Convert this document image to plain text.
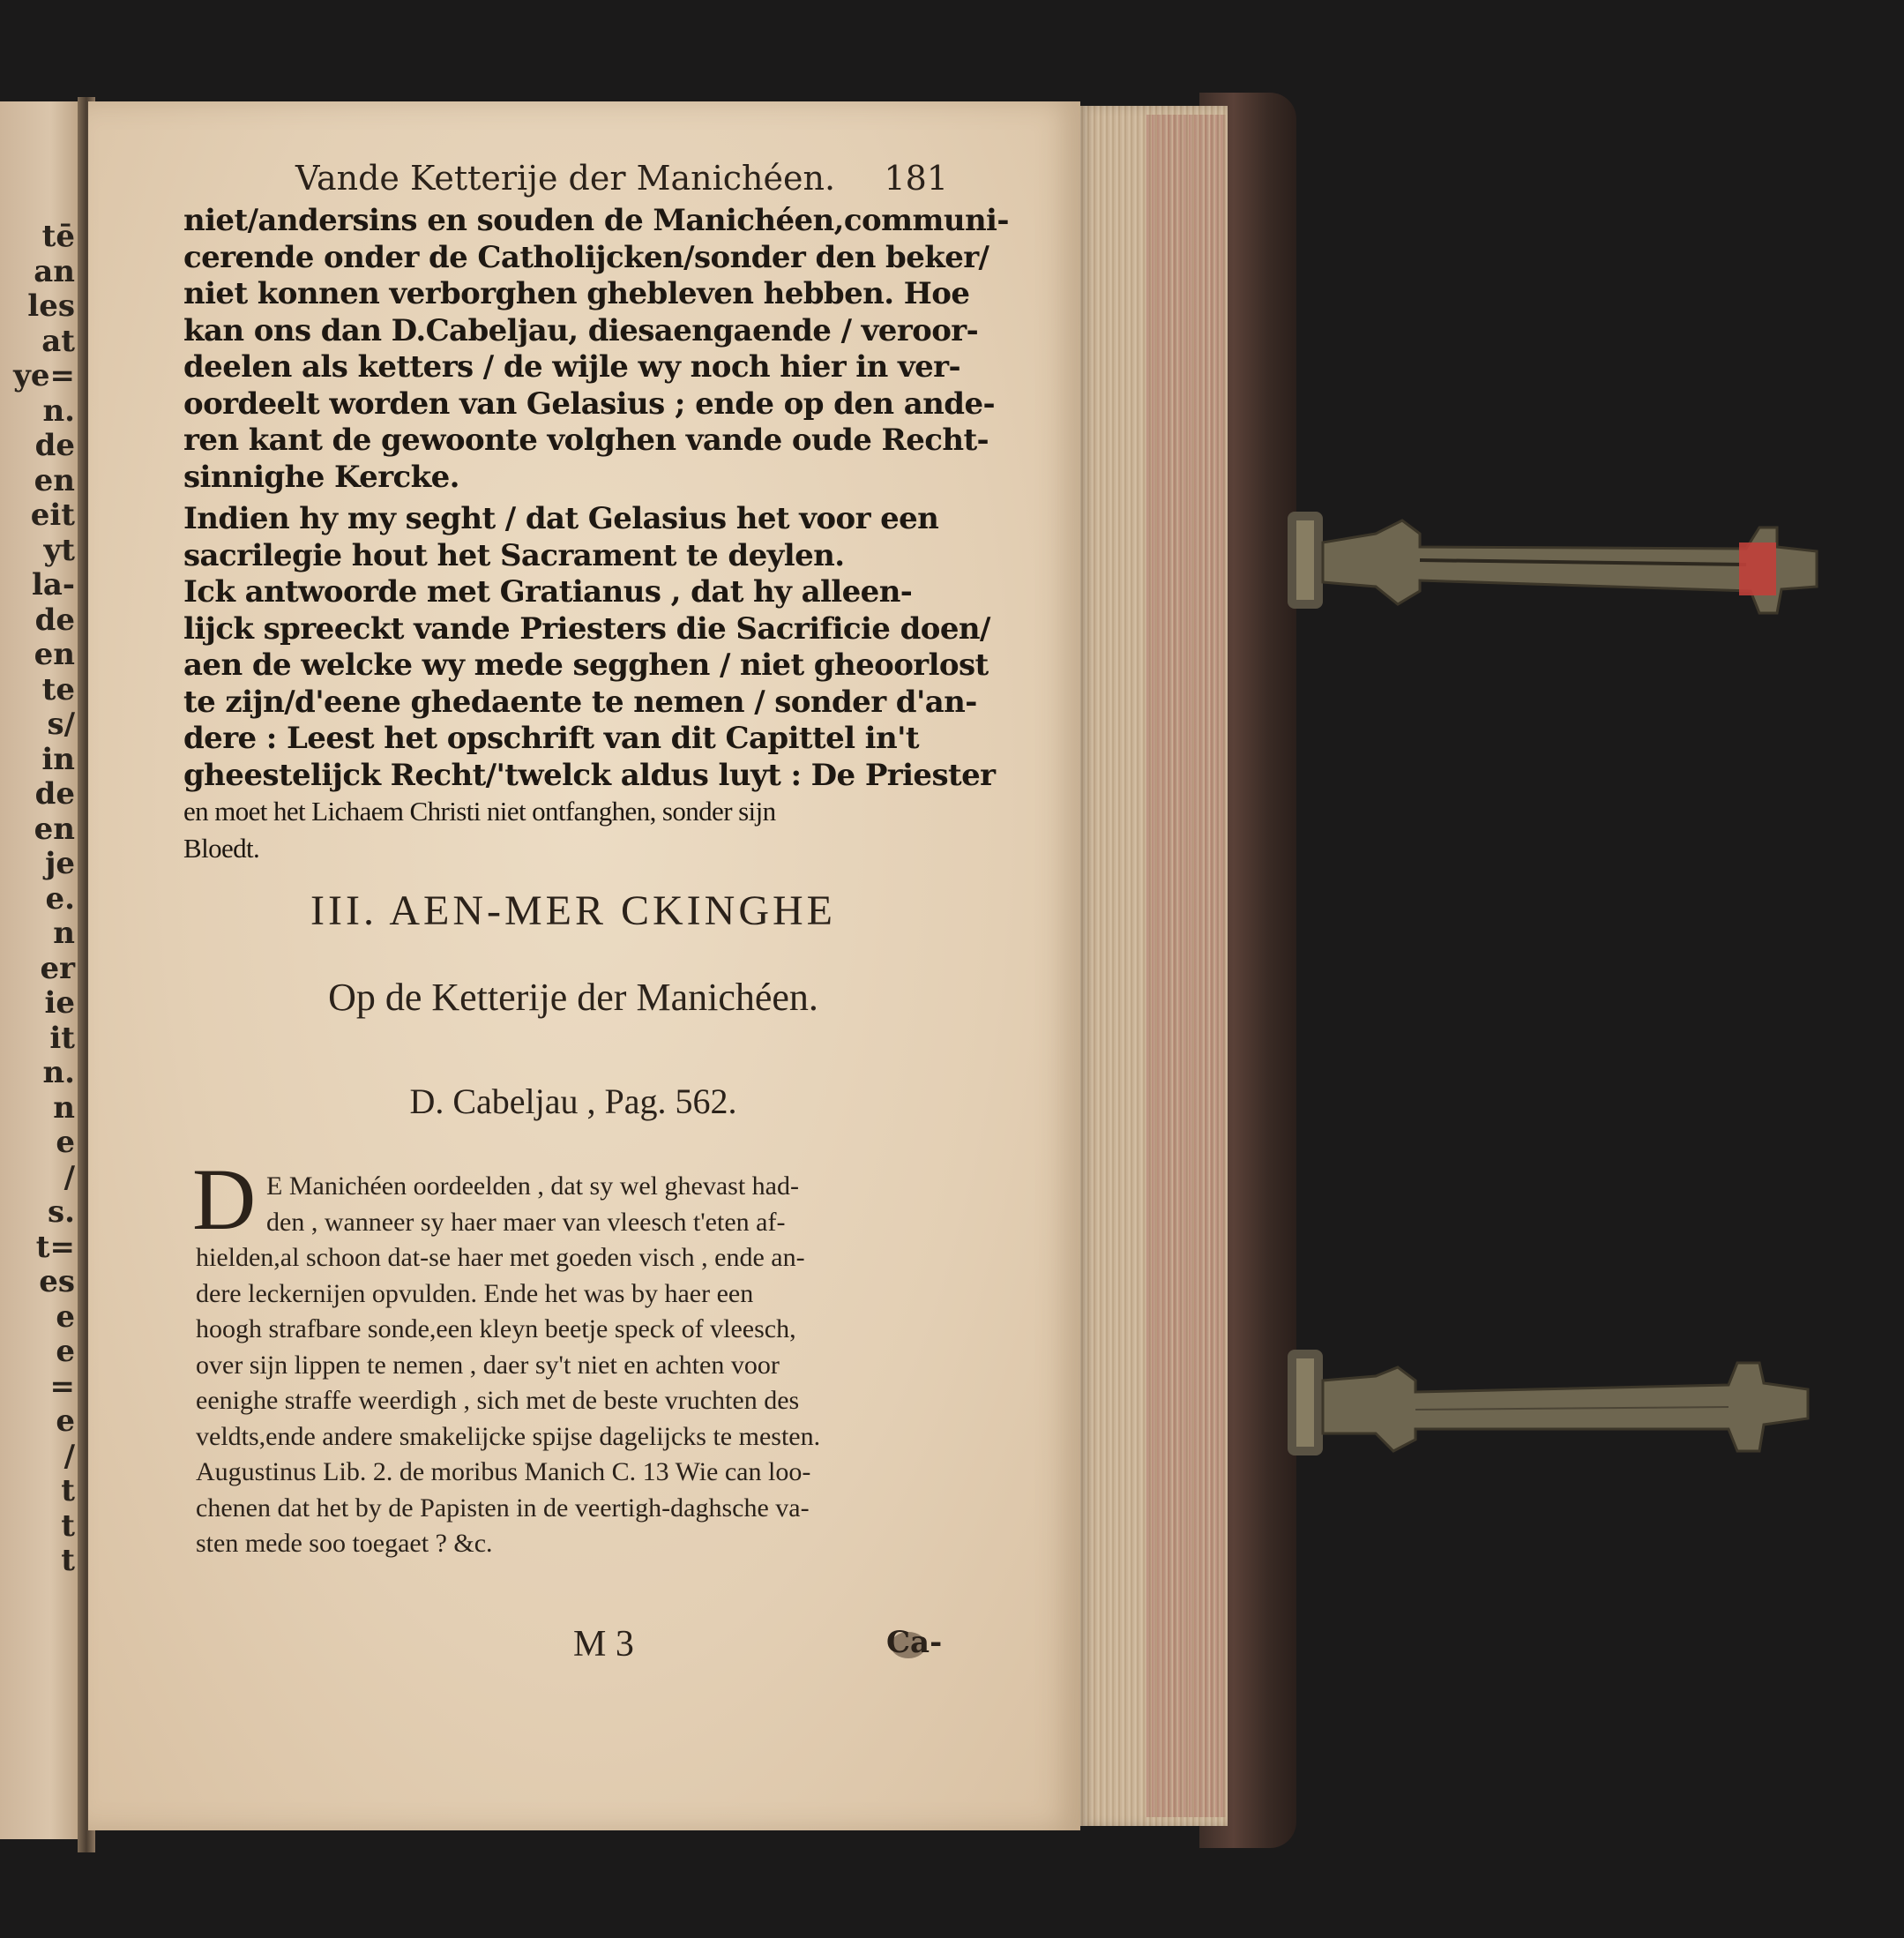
tē
an
les
at
ye=
n.
de
en
eit
yt
la-
de
en
te
s/
in
de
en
je
e.
n
er
ie
it
n.
n
e
/
s.
t=
es
e
e
=
e
/
t
t
t
Vande Ketterije der Manichéen. 181
niet/andersins en souden de Manichéen,communi-
cerende onder de Catholijcken/sonder den beker/
niet konnen verborghen ghebleven hebben. Hoe
kan ons dan D.Cabeljau, diesaengaende / veroor-
deelen als ketters / de wijle wy noch hier in ver-
oordeelt worden van Gelasius ; ende op den ande-
ren kant de gewoonte volghen vande oude Recht-
sinnighe Kercke.
Indien hy my seght / dat Gelasius het voor een
sacrilegie hout het Sacrament te deylen.
Ick antwoorde met Gratianus , dat hy alleen-
lijck spreeckt vande Priesters die Sacrificie doen/
aen de welcke wy mede segghen / niet gheoorlost
te zijn/d'eene ghedaente te nemen / sonder d'an-
dere : Leest het opschrift van dit Capittel in't
gheestelijck Recht/'twelck aldus luyt : De Priester
en moet het Lichaem Christi niet ontfanghen, sonder sijn
Bloedt.
III. AEN-MER CKINGHE
Op de Ketterije der Manichéen.
D. Cabeljau , Pag. 562.
D E Manichéen oordeelden , dat sy wel ghevast had-
den , wanneer sy haer maer van vleesch t'eten af-
hielden,al schoon dat-se haer met goeden visch , ende an-
dere leckernijen opvulden. Ende het was by haer een
hoogh strafbare sonde,een kleyn beetje speck of vleesch,
over sijn lippen te nemen , daer sy't niet en achten voor
eenighe straffe weerdigh , sich met de beste vruchten des
veldts,ende andere smakelijcke spijse dagelijcks te mesten.
Augustinus Lib. 2. de moribus Manich C. 13 Wie can loo-
chenen dat het by de Papisten in de veertigh-daghsche va-
sten mede soo toegaet ? &c.
M 3	Ca-
